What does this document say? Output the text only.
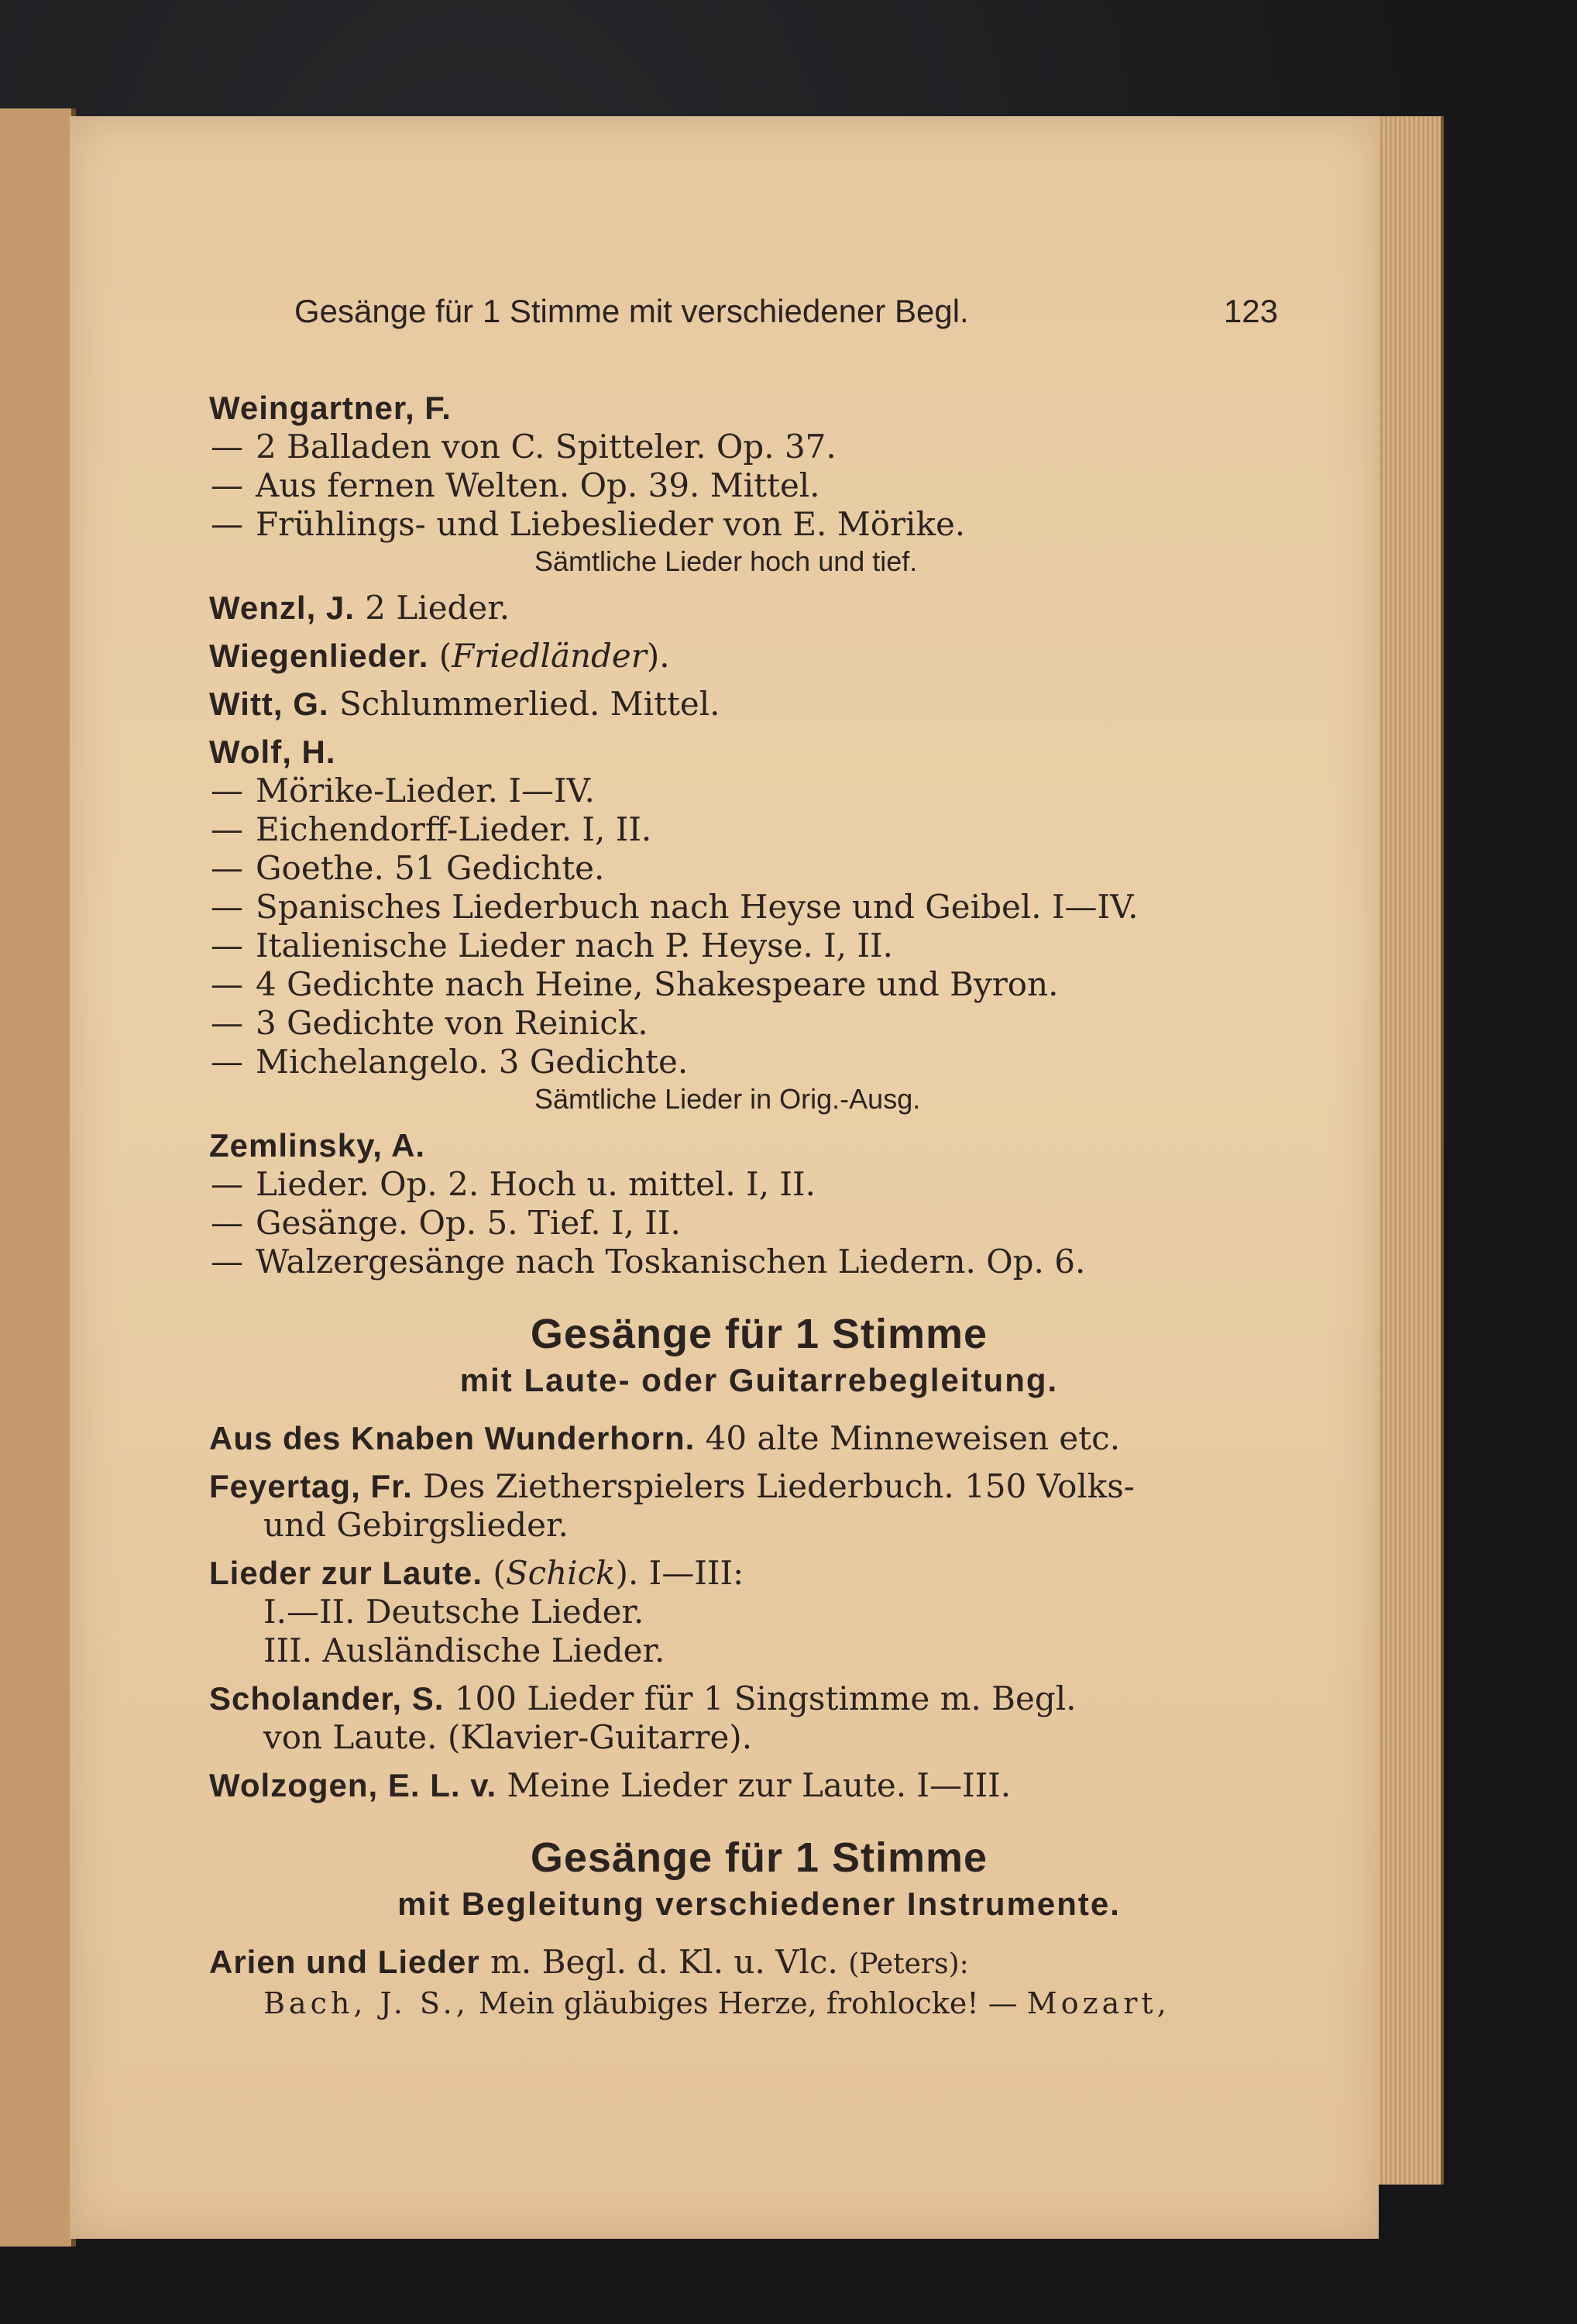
Gesänge für 1 Stimme mit verschiedener Begl.	123
Weingartner, F.
— 2 Balladen von C. Spitteler. Op. 37.
— Aus fernen Welten. Op. 39. Mittel.
— Frühlings- und Liebeslieder von E. Mörike.
Sämtliche Lieder hoch und tief.
Wenzl, J. 2 Lieder.
Wiegenlieder. (Friedländer).
Witt, G. Schlummerlied. Mittel.
Wolf, H.
— Mörike-Lieder. I—IV.
— Eichendorff-Lieder. I, II.
— Goethe. 51 Gedichte.
— Spanisches Liederbuch nach Heyse und Geibel. I—IV.
— Italienische Lieder nach P. Heyse. I, II.
— 4 Gedichte nach Heine, Shakespeare und Byron.
— 3 Gedichte von Reinick.
— Michelangelo. 3 Gedichte.
Sämtliche Lieder in Orig.-Ausg.
Zemlinsky, A.
— Lieder. Op. 2. Hoch u. mittel. I, II.
— Gesänge. Op. 5. Tief. I, II.
— Walzergesänge nach Toskanischen Liedern. Op. 6.
Gesänge für 1 Stimme
mit Laute- oder Guitarrebegleitung.
Aus des Knaben Wunderhorn. 40 alte Minneweisen etc.
Feyertag, Fr. Des Zietherspielers Liederbuch. 150 Volks-
und Gebirgslieder.
Lieder zur Laute. (Schick). I—III:
I.—II. Deutsche Lieder.
III. Ausländische Lieder.
Scholander, S. 100 Lieder für 1 Singstimme m. Begl.
von Laute. (Klavier-Guitarre).
Wolzogen, E. L. v. Meine Lieder zur Laute. I—III.
Gesänge für 1 Stimme
mit Begleitung verschiedener Instrumente.
Arien und Lieder m. Begl. d. Kl. u. Vlc. (Peters):
Bach, J. S., Mein gläubiges Herze, frohlocke! — Mozart,
